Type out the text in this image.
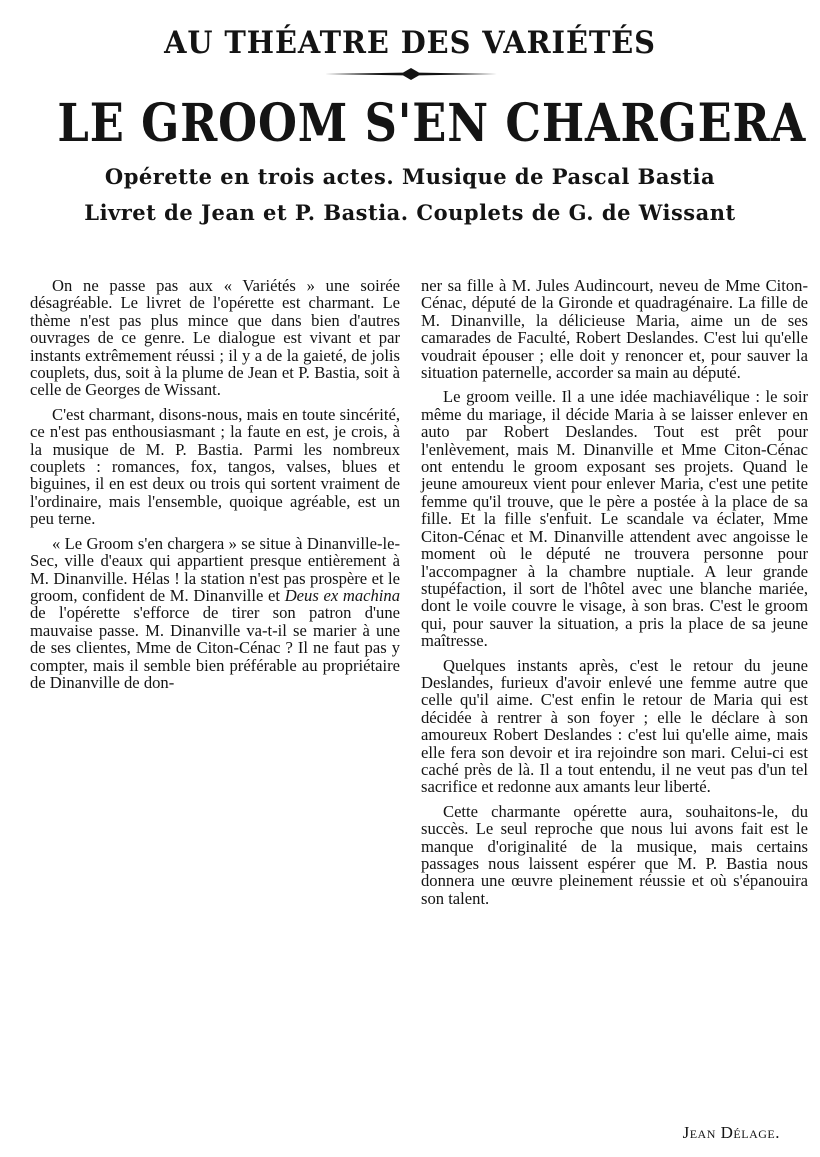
AU THÉATRE DES VARIÉTÉS
LE GROOM S'EN CHARGERA
Opérette en trois actes. Musique de Pascal Bastia
Livret de Jean et P. Bastia. Couplets de G. de Wissant

On ne passe pas aux « Variétés » une soirée désagréable. Le livret de l'opérette est charmant. Le thème n'est pas plus mince que dans bien d'autres ouvrages de ce genre. Le dialogue est vivant et par instants extrêmement réussi ; il y a de la gaieté, de jolis couplets, dus, soit à la plume de Jean et P. Bastia, soit à celle de Georges de Wissant.

C'est charmant, disons-nous, mais en toute sincérité, ce n'est pas enthousiasmant ; la faute en est, je crois, à la musique de M. P. Bastia. Parmi les nombreux couplets : romances, fox, tangos, valses, blues et biguines, il en est deux ou trois qui sortent vraiment de l'ordinaire, mais l'ensemble, quoique agréable, est un peu terne.

« Le Groom s'en chargera » se situe à Dinanville-le-Sec, ville d'eaux qui appartient presque entièrement à M. Dinanville. Hélas ! la station n'est pas prospère et le groom, confident de M. Dinanville et Deus ex machina de l'opérette s'efforce de tirer son patron d'une mauvaise passe. M. Dinanville va-t-il se marier à une de ses clientes, Mme de Citon-Cénac ? Il ne faut pas y compter, mais il semble bien préférable au propriétaire de Dinanville de don-

ner sa fille à M. Jules Audincourt, neveu de Mme Citon-Cénac, député de la Gironde et quadragénaire. La fille de M. Dinanville, la délicieuse Maria, aime un de ses camarades de Faculté, Robert Deslandes. C'est lui qu'elle voudrait épouser ; elle doit y renoncer et, pour sauver la situation paternelle, accorder sa main au député.

Le groom veille. Il a une idée machiavélique : le soir même du mariage, il décide Maria à se laisser enlever en auto par Robert Deslandes. Tout est prêt pour l'enlèvement, mais M. Dinanville et Mme Citon-Cénac ont entendu le groom exposant ses projets. Quand le jeune amoureux vient pour enlever Maria, c'est une petite femme qu'il trouve, que le père a postée à la place de sa fille. Et la fille s'enfuit. Le scandale va éclater, Mme Citon-Cénac et M. Dinanville attendent avec angoisse le moment où le député ne trouvera personne pour l'accompagner à la chambre nuptiale. A leur grande stupéfaction, il sort de l'hôtel avec une blanche mariée, dont le voile couvre le visage, à son bras. C'est le groom qui, pour sauver la situation, a pris la place de sa jeune maîtresse.

Quelques instants après, c'est le retour du jeune Deslandes, furieux d'avoir enlevé une femme autre que celle qu'il aime. C'est enfin le retour de Maria qui est décidée à rentrer à son foyer ; elle le déclare à son amoureux Robert Deslandes : c'est lui qu'elle aime, mais elle fera son devoir et ira rejoindre son mari. Celui-ci est caché près de là. Il a tout entendu, il ne veut pas d'un tel sacrifice et redonne aux amants leur liberté.

Cette charmante opérette aura, souhaitons-le, du succès. Le seul reproche que nous lui avons fait est le manque d'originalité de la musique, mais certains passages nous laissent espérer que M. P. Bastia nous donnera une œuvre pleinement réussie et où s'épanouira son talent.

Jean Délage.
